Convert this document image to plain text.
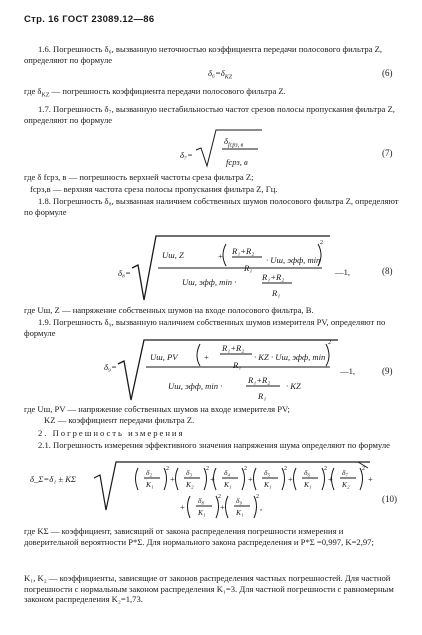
Стр. 16 ГОСТ 23089.12—86

1.6. Погрешность δ₆, вызванную неточностью коэффициента передачи полосового фильтра Z, определяют по формуле

$\delta_6=\delta_{KZ}$	(6)

где $\delta_{KZ}$ — погрешность коэффициента передачи полосового фильтра Z.

1.7. Погрешность δ₇, вызванную нестабильностью частот срезов полосы пропускания фильтра Z, определяют по формуле

δ₇=
$\delta_{fсрз, в}$
fсрз, в
(7)

где δ fсрз, в — погрешность верхней частоты среза фильтра Z;

fсрз,в — верхняя частота среза полосы пропускания фильтра Z, Гц.

1.8. Погрешность δ₈, вызванная наличием собственных шумов полосового фильтра Z, определяют по формуле

δ₈=
Uш, Z	R₁+R₂
R₁
· Uш, эфф, min
Uш, эфф, min ·	R₁+R₂
R₁
—1,	(8)

где Uш, Z — напряжение собственных шумов на входе полосового фильтра, В.

1.9. Погрешность δ₉, вызванную наличием собственных шумов измерителя PV, определяют по формуле

δ₉=
Uш, PV
R₁+R₂
R₁
· KZ · Uш, эфф, min
Uш, эфф, min ·
R₁+R₂
R₁
· KZ
—1,	(9)

где Uш, PV — напряжение собственных шумов на входе измерителя PV;

KZ — коэффициент передачи фильтра Z.

2. Погрешность измерения

2.1. Погрешность измерения эффективного значения напряжения шума определяют по формуле

δ_Σ=δ₁ ± KΣ
(10)

где KΣ — коэффициент, зависящий от закона распределения погрешности измерения и доверительной вероятности P*Σ. Для нормального закона распределения и P*Σ =0,997, K=2,97;

K₁, K₂ — коэффициенты, зависящие от законов распределения частных погрешностей. Для частной погрешности с нормальным законом распределения K₁=3. Для частной погрешности с равномерным законом распределения K₂=1,73.

δ₂
K₁
δ₃
K₂
δ₄
K₁
δ₅
K₁
δ₆
K₁
δ₇
K₂
δ₈
K₁
δ₉
K₁
2	2	2	2	2	2
2	2
2
2
+	+	+	+	+	+
+	+	,
+
+
